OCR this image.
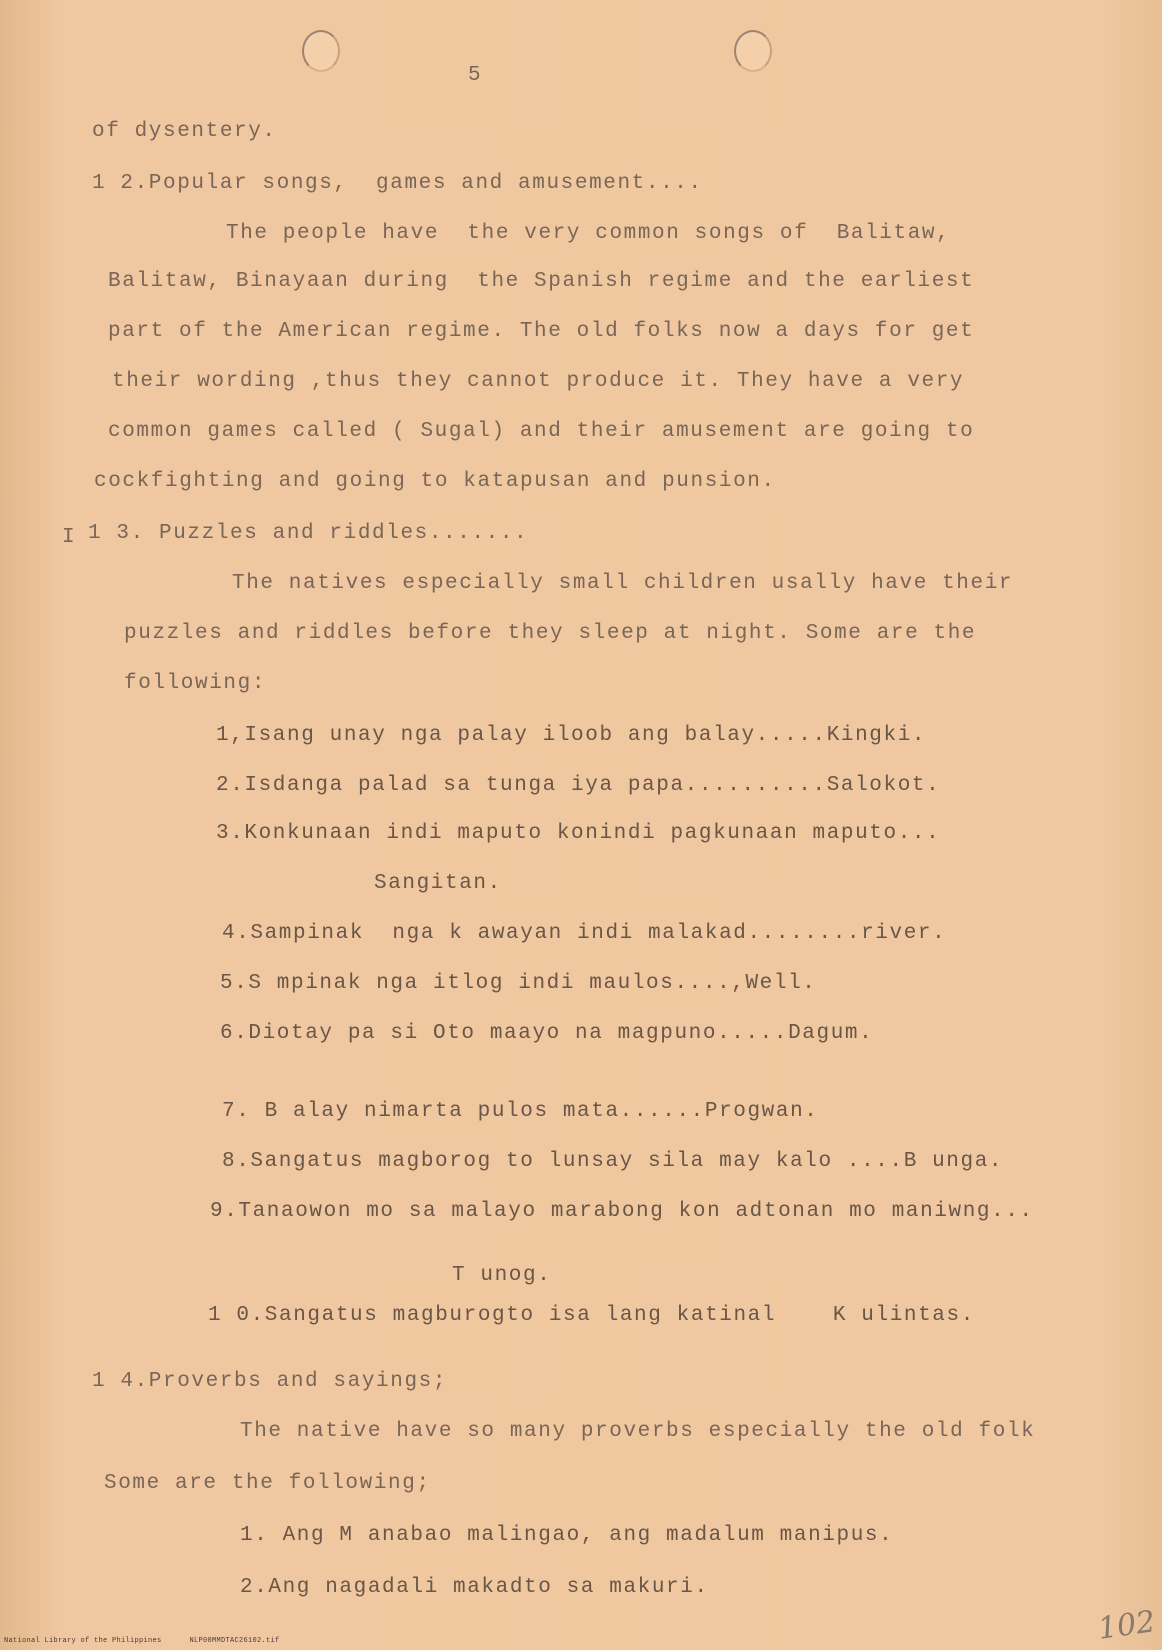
5
of dysentery.
1 2.Popular songs,  games and amusement....
The people have  the very common songs of  Balitaw,
Balitaw, Binayaan during  the Spanish regime and the earliest
part of the American regime. The old folks now a days for get
their wording ,thus they cannot produce it. They have a very
common games called ( Sugal) and their amusement are going to
cockfighting and going to katapusan and punsion.
I 1 3. Puzzles and riddles.......
The natives especially small children usally have their
puzzles and riddles before they sleep at night. Some are the
following:
1,Isang unay nga palay iloob ang balay.....Kingki.
2.Isdanga palad sa tunga iya papa..........Salokot.
3.Konkunaan indi maputo konindi pagkunaan maputo...
Sangitan.
4.Sampinak  nga k awayan indi malakad........river.
5.S mpinak nga itlog indi maulos....,Well.
6.Diotay pa si Oto maayo na magpuno.....Dagum.
7. B alay nimarta pulos mata......Progwan.
8.Sangatus magborog to lunsay sila may kalo ....B unga.
9.Tanaowon mo sa malayo marabong kon adtonan mo maniwng...
T unog.
1 0.Sangatus magburogto isa lang katinal    K ulintas.
1 4.Proverbs and sayings;
The native have so many proverbs especially the old folk
Some are the following;
1. Ang M anabao malingao, ang madalum manipus.
2.Ang nagadali makadto sa makuri.
102
National Library of the Philippines	NLP00MMDTAC26102.tif
